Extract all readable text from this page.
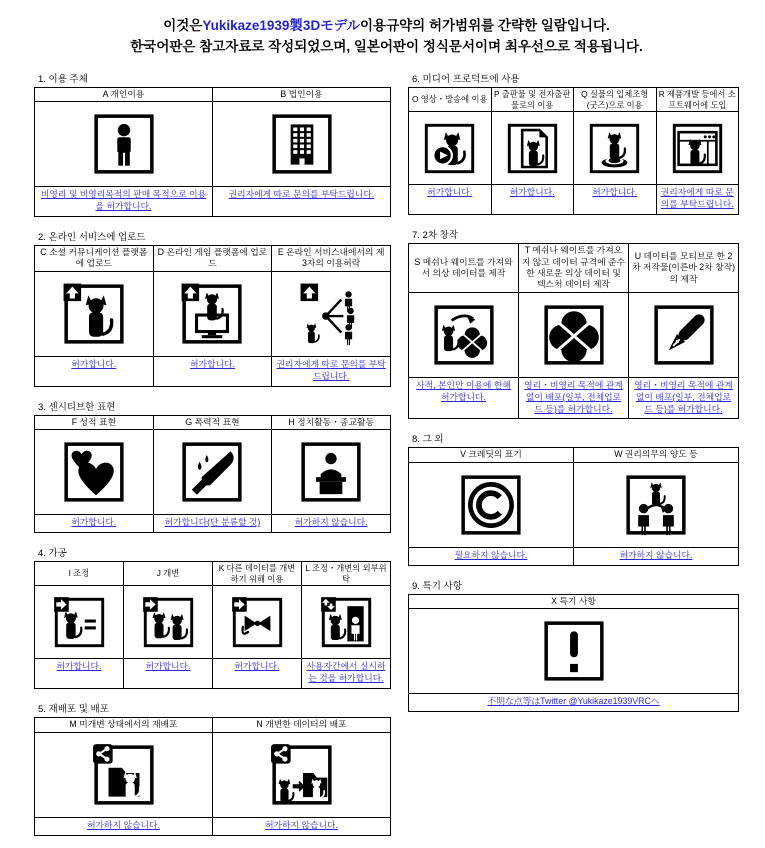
이것은Yukikaze1939製3Dモデル이용규약의 허가범위를 간략한 일람입니다.
한국어판은 참고자료로 작성되었으며, 일본어판이 정식문서이며 최우선으로 적용됩니다.
1. 이용 주체
A 개인이용	B 법인이용

비영리 및 비영리목적의 판매 목적으로 이용을 허가합니다.	권리자에게 따로 문의를 부탁드립니다.
2. 온라인 서비스에 업로드
C 소셜 커뮤니케이션 플랫폼에 업로드	D 온라인 게임 플랫폼에 업로드	E 온라인 서비스내에서의 제 3자의 이용허락

허가합니다.	허가합니다.	권리자에게 따로 문의를 부탁드립니다.
3. 센시티브한 표현
F 성적 표현	G 폭력적 표현	H 정치활동・종교활동

허가합니다.	허가합니다(단 분류할 것)	허가하지 않습니다.
4. 가공
I 조정	J 개변	K 다른 데이터를 개변하기 위해 이용	L 조정・개변의 외부위탁

허가합니다.	허가합니다.	허가합니다.	사용자간에서 실시하는 것을 허가합니다.
5. 재배포 및 배포
M 미개변 상태에서의 재배포	N 개변한 데이터의 배포

허가하지 않습니다.	허가하지 않습니다.
6. 미디어 프로덕트에 사용
O 영상・방송에 이용	P 출판물 및 전자출판물로의 이용	Q 실물의 입체조형(굿즈)으로 이용	R 제품개발 등에서 소프트웨어에 도입

허가합니다.	허가합니다.	허가합니다.	권리자에게 따로 문의를 부탁드립니다.
7. 2차 창작
S 메쉬나 웨이트를 가져와서 의상 데이터를 제작	T 메쉬나 웨이트를 가져오지 않고 데이터 규격에 준수한 새로운 의상 데이터 및 텍스처 데이터 제작	U 데이터를 모티브로 한 2차 저작물(이른바 2차 창작)의 제작

사적, 본인만 이용에 한해 허가합니다.	영리・비영리 목적에 관계없이 배포(일부, 전체업로드 등)를 허가합니다.	영리・비영리 목적에 관계없이 배포(일부, 전체업로드 등)를 허가합니다.
8. 그 외
V 크레딧의 표기	W 권리의무의 양도 등

필요하지 않습니다.	허가하지 않습니다.
9. 특기 사항
X 특기 사항

不明な点等はTwitter @Yukikaze1939VRCへ
